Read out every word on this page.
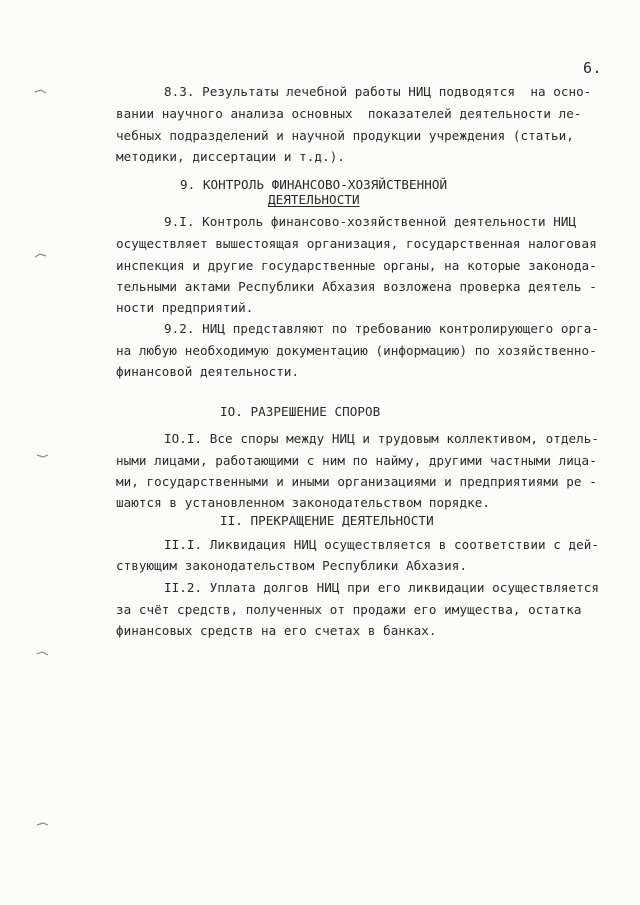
6.
8.3. Результаты лечебной работы НИЦ подводятся  на осно-
вании научного анализа основных  показателей деятельности ле-
чебных подразделений и научной продукции учреждения (статьи,
методики, диссертации и т.д.).
9. КОНТРОЛЬ ФИНАНСОВО-ХОЗЯЙСТВЕННОЙ
ДЕЯТЕЛЬНОСТИ
9.I. Контроль финансово-хозяйственной деятельности НИЦ
осуществляет вышестоящая организация, государственная налоговая
инспекция и другие государственные органы, на которые законода-
тельными актами Республики Абхазия возложена проверка деятель -
ности предприятий.
9.2. НИЦ представляют по требованию контролирующего орга-
на любую необходимую документацию (информацию) по хозяйственно-
финансовой деятельности.
IO. РАЗРЕШЕНИЕ СПОРОВ
IO.I. Все споры между НИЦ и трудовым коллективом, отдель-
ными лицами, работающими с ним по найму, другими частными лица-
ми, государственными и иными организациями и предприятиями ре -
шаются в установленном законодательством порядке.
II. ПРЕКРАЩЕНИЕ ДЕЯТЕЛЬНОСТИ
II.I. Ликвидация НИЦ осуществляется в соответствии с дей-
ствующим законодательством Республики Абхазия.
II.2. Уплата долгов НИЦ при его ликвидации осуществляется
за счёт средств, полученных от продажи его имущества, остатка
финансовых средств на его счетах в банках.
